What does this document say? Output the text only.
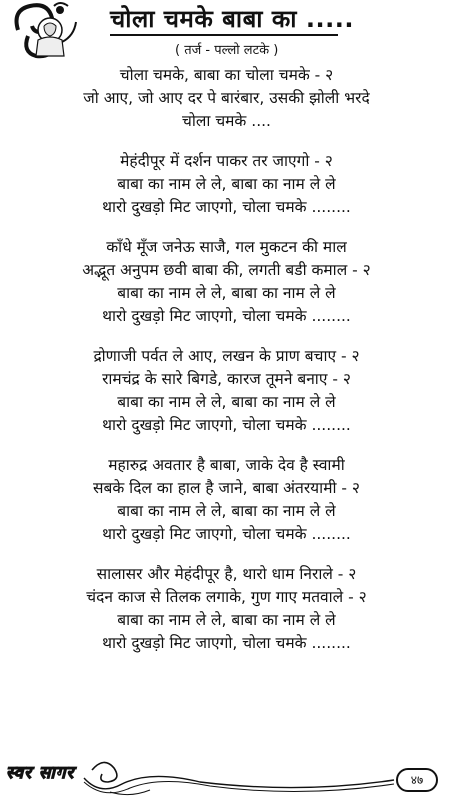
चोला चमके बाबा का .....
( तर्ज - पल्लो लटके )
चोला चमके, बाबा का चोला चमके - २
जो आए, जो आए दर पे बारंबार, उसकी झोली भरदे
चोला चमके ....
मेहंदीपूर में दर्शन पाकर तर जाएगो - २
बाबा का नाम ले ले, बाबा का नाम ले ले
थारो दुखड़ो मिट जाएगो, चोला चमके ........
काँधे मूँज जनेऊ साजै, गल मुकटन की माल
अद्भूत अनुपम छवी बाबा की, लगती बडी कमाल - २
बाबा का नाम ले ले, बाबा का नाम ले ले
थारो दुखड़ो मिट जाएगो, चोला चमके ........
द्रोणाजी पर्वत ले आए, लखन के प्राण बचाए - २
रामचंद्र के सारे बिगडे, कारज तूमने बनाए - २
बाबा का नाम ले ले, बाबा का नाम ले ले
थारो दुखड़ो मिट जाएगो, चोला चमके ........
महारुद्र अवतार है बाबा, जाके देव है स्वामी
सबके दिल का हाल है जाने, बाबा अंतरयामी - २
बाबा का नाम ले ले, बाबा का नाम ले ले
थारो दुखड़ो मिट जाएगो, चोला चमके ........
सालासर और मेहंदीपूर है, थारो धाम निराले - २
चंदन काज से तिलक लगाके, गुण गाए मतवाले - २
बाबा का नाम ले ले, बाबा का नाम ले ले
थारो दुखड़ो मिट जाएगो, चोला चमके ........
स्वर सागर	४७
